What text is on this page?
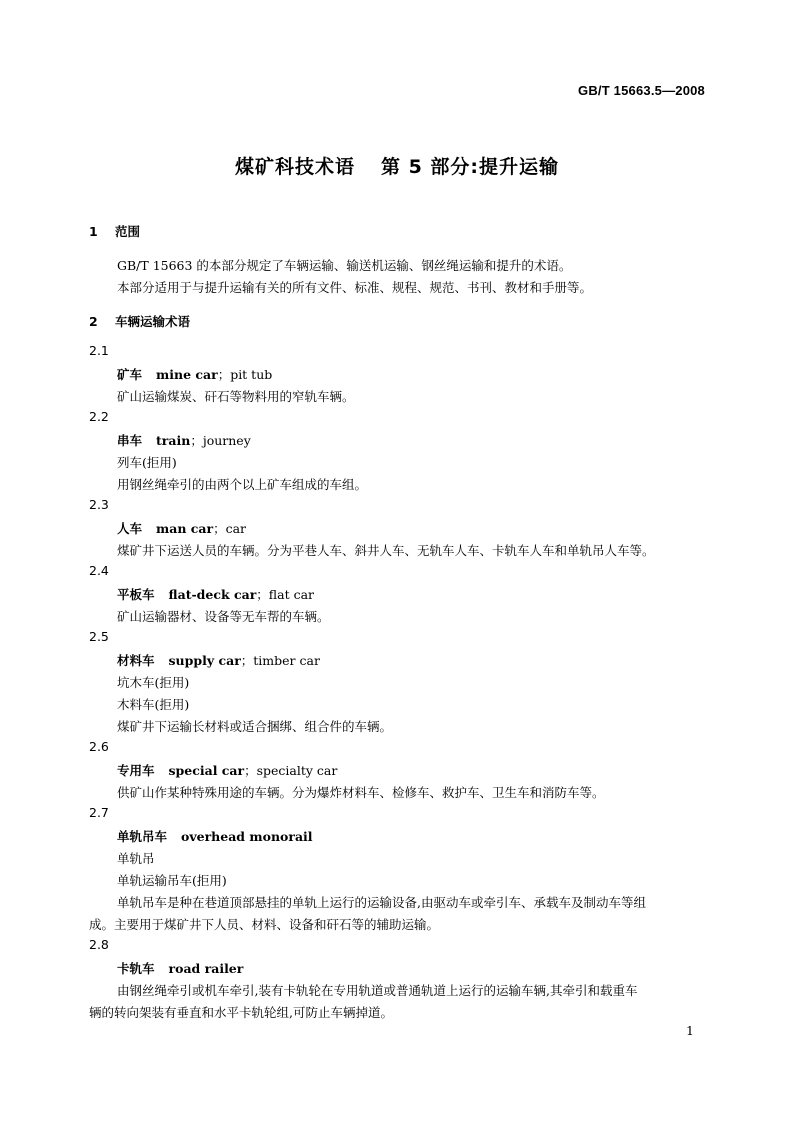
GB/T 15663.5—2008
煤矿科技术语 第 5 部分:提升运输
1 范围
GB/T 15663 的本部分规定了车辆运输、输送机运输、钢丝绳运输和提升的术语。
本部分适用于与提升运输有关的所有文件、标准、规程、规范、书刊、教材和手册等。
2 车辆运输术语
2.1
矿车 mine car；pit tub
矿山运输煤炭、矸石等物料用的窄轨车辆。
2.2
串车 train；journey
列车(拒用)
用钢丝绳牵引的由两个以上矿车组成的车组。
2.3
人车 man car；car
煤矿井下运送人员的车辆。分为平巷人车、斜井人车、无轨车人车、卡轨车人车和单轨吊人车等。
2.4
平板车 flat-deck car；flat car
矿山运输器材、设备等无车帮的车辆。
2.5
材料车 supply car；timber car
坑木车(拒用)
木料车(拒用)
煤矿井下运输长材料或适合捆绑、组合件的车辆。
2.6
专用车 special car；specialty car
供矿山作某种特殊用途的车辆。分为爆炸材料车、检修车、救护车、卫生车和消防车等。
2.7
单轨吊车 overhead monorail
单轨吊
单轨运输吊车(拒用)
单轨吊车是种在巷道顶部悬挂的单轨上运行的运输设备,由驱动车或牵引车、承载车及制动车等组
成。主要用于煤矿井下人员、材料、设备和矸石等的辅助运输。
2.8
卡轨车 road railer
由钢丝绳牵引或机车牵引,装有卡轨轮在专用轨道或普通轨道上运行的运输车辆,其牵引和载重车
辆的转向架装有垂直和水平卡轨轮组,可防止车辆掉道。
1
